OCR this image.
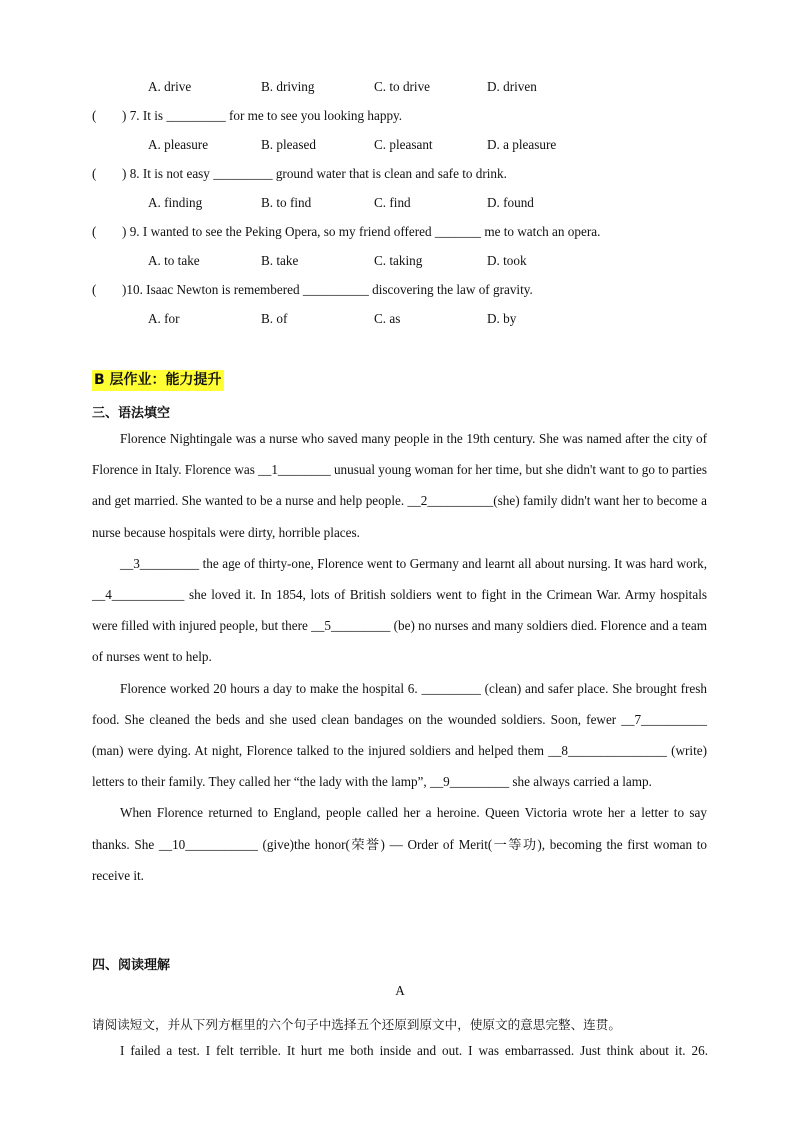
A. drive	B. driving	C. to drive	D. driven
( ) 7. It is _________ for me to see you looking happy.
A. pleasure	B. pleased	C. pleasant	D. a pleasure
( ) 8. It is not easy _________ ground water that is clean and safe to drink.
A. finding	B. to find	C. find	D. found
( ) 9. I wanted to see the Peking Opera, so my friend offered _______ me to watch an opera.
A. to take	B. take	C. taking	D. took
( )10. Isaac Newton is remembered __________ discovering the law of gravity.
A. for	B. of	C. as	D. by
B 层作业：能力提升
三、语法填空

Florence Nightingale was a nurse who saved many people in the 19th century. She was named after the city of Florence in Italy. Florence was __1________ unusual young woman for her time, but she didn't want to go to parties and get married. She wanted to be a nurse and help people. __2__________(she) family didn't want her to become a nurse because hospitals were dirty, horrible places.

__3_________ the age of thirty-one, Florence went to Germany and learnt all about nursing. It was hard work, __4___________ she loved it. In 1854, lots of British soldiers went to fight in the Crimean War. Army hospitals were filled with injured people, but there __5_________ (be) no nurses and many soldiers died. Florence and a team of nurses went to help.

Florence worked 20 hours a day to make the hospital 6. _________ (clean) and safer place. She brought fresh food. She cleaned the beds and she used clean bandages on the wounded soldiers. Soon, fewer __7__________ (man) were dying. At night, Florence talked to the injured soldiers and helped them __8_______________ (write) letters to their family. They called her “the lady with the lamp”, __9_________ she always carried a lamp.

When Florence returned to England, people called her a heroine. Queen Victoria wrote her a letter to say thanks. She __10___________ (give)the honor(荣誉) — Order of Merit(一等功), becoming the first woman to receive it.

四、阅读理解
A
请阅读短文，并从下列方框里的六个句子中选择五个还原到原文中，使原文的意思完整、连贯。
I failed a test. I felt terrible. It hurt me both inside and out. I was embarrassed. Just think about it. 26.
